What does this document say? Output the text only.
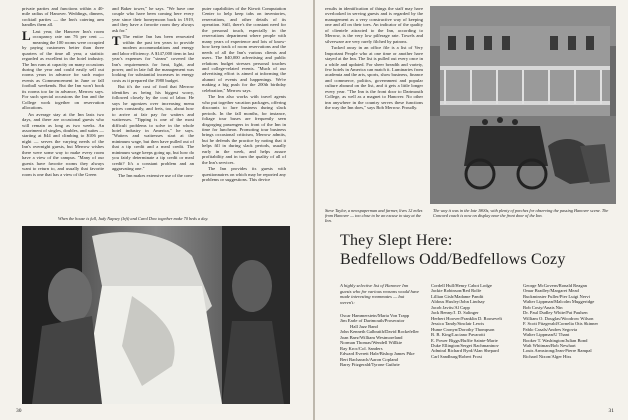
private parties and functions within a 40-mile radius of Hanover. Weddings, dinners, cocktail parties — the Inn's catering arm handles them all.

L Last year, the Hanover Inn's room occupancy rate ran 76 per cent — meaning the 100 rooms were occupied by paying customers better than three quarters of the time all year, a statistic regarded as excellent in the hotel industry. The Inn runs at capacity on many occasions during the year and could easily sell out rooms years in advance for such major events as Commencement in June or fall football weekends. But the Inn won't book its rooms too far in advance, Merrow says. For such special occasions the Inn and the College work together on reservation allocations.

An average stay at the Inn lasts two days, and there are occasional guests who will remain as long as two weeks. An assortment of singles, doubles, and suites — starting at $44 and climbing to $106 per night — serves the varying needs of the Inn's overnight guests, but Merrow wishes there were some way to make every room have a view of the campus. "Many of our guests have favorite rooms they always want to return to, and usually that favorite room is one that has a view of the Green

and Baker tower," he says. "We have one couple who have been coming here every year since their honeymoon back in 1919, and they have a favorite room they always ask for."

T The entire Inn has been renovated within the past ten years to provide modern accommodations and energy and labor efficiency. A $147,000 item in last year's expenses for "steam" covered the Inn's requirements for heat, light, and power, and in late fall the management was looking for substantial increases in energy costs as it prepared the 1980 budget.

But it's the cost of food that Merrow identifies as being his biggest worry, followed closely by the cost of labor. He says he agonizes over increasing menu prices constantly, and frets, too, about how to arrive at fair pay for waiters and waitresses. "Tipping is one of the most difficult problems to solve in the whole hotel industry in America," he says. "Waiters and waitresses start at the minimum wage, but then have pulled out of that a tip credit and a meal credit. The minimum wage keeps going up, but how do you fairly determinate a tip credit or meal credit? It's a constant problem and an aggravating one."

The Inn makes extensive use of the com-

puter capabilities of the Kiewit Computation Center to help keep tabs on inventories, reservations, and other details of its operation. Still, there's the constant need for the personal touch, especially in the reservations department where people with many years of experience and lots of know-how keep track of room reservations and the needs of all the Inn's various clients and users. The $40,000 advertising and public relations budget stresses personal touches and college-related events. "Much of our advertising effort is aimed at informing the alumni of events and happenings. We're making a big push for the 200th birthday celebration," Merrow says.

The Inn also works with travel agents who put together vacation packages, offering discounts to lure business during slack periods. In the fall months, for instance, foliage tour buses are frequently seen disgorging passengers in front of the Inn in time for luncheon. Promoting tour business brings occasional criticism, Merrow admits, but he defends the practice by noting that it helps fill in during slack periods, usually early in the week, and helps assure profitability and in turn the quality of all of the Inn's services.

The Inn provides its guests with questionnaires on which may be reported any problems or suggestions. This device

When the house is full, Judy Napsey (left) and Carol Dow together make 70 beds a day.
30

results in identification of things the staff may have overlooked in serving guests and is regarded by the management as a very constructive way of keeping one and all on their toes. An indicator of the quality of clientele attracted to the Inn, according to Merrow, is the very low pilferage rate. Towels and silverware are very rarely filched by patrons.

Tucked away in an office file is a list of Very Important People who at one time or another have stayed at the Inn. The list is pulled out every once in a while and updated. For sheer breadth and variety, few hotels in America can match it. Luminaries from academia and the arts, sports, show business, finance and commerce, politics, government and popular culture abound on the list, and it gets a little longer every year. "The Inn is the front door to Dartmouth College, as well as a magnet to Hanover. No other inn anywhere in the country serves these functions the way the Inn does," says Bob Merrow. Proudly.

Steve Taylor, a newspaperman and farmer, lives 12 miles from Hanover — too close to be an excuse to stay at the Inn.
The way it was in the late 1800s, with plenty of porches for observing the passing Hanover scene. The Concord coach is now on display near the front door of the Inn.
They Slept Here:
Bedfellows Odd/Bedfellows Cozy
A highly selective list of Hanover Inn guests who for various reasons would have made interesting roommates — but weren't:
Oscar Hammerstein/Maria Von Trapp
Jim Earle of Dartmouth/Prosecutor
Hall Jazz Band
John Kenneth Galbraith/David Rockefeller
Joan Baez/William Westmoreland
Norman Thomas/Wendell Willkie
Ray Kroc/Col. Sanders
Edward Everett Hale/Bishop James Pike
Bert Bacharach/Aaron Copland
Barry Fitzgerald/Tyrone Guthrie
Cordell Hull/Henry Cabot Lodge
Jackie Robinson/Red Rolfe
Lillian Gish/Madame Pandit
Aldous Huxley/John Lindsay
Jacob Javits/Al Capp
Jack Benny/J. D. Salinger
Herbert Hoover/Franklin D. Roosevelt
Jessica Tandy/Sinclair Lewis
Hume Cronyn/Dorothy Thompson
B. B. King/Luciano Pavarotti
E. Power Biggs/Buffie Sainte-Marie
Duke Ellington/Sergei Rachmaninov
Admiral Richard Byrd/Alan Shepard
Carl Sandburg/Robert Frost
George McGovern/Ronald Reagan
Omar Bradley/Margaret Mead
Buckminster Fuller/Pier Luigi Nervi
Walter Lippman/Malcolm Muggeridge
Bob Costy/Anais Nin
Dr. Paul Dudley White/Pat Paulsen
William O. Douglas/Woodrow Wilson
F. Scott Fitzgerald/Cornelia Otis Skinner
Pablo Casals/Andres Segovia
Walter Lippman/U Thant
Booker T. Washington/Julian Bond
Walt Whitman/Bob Newhart
Louis Armstrong/Jean-Pierre Rampal
Richard Nixon/Alger Hiss
31
